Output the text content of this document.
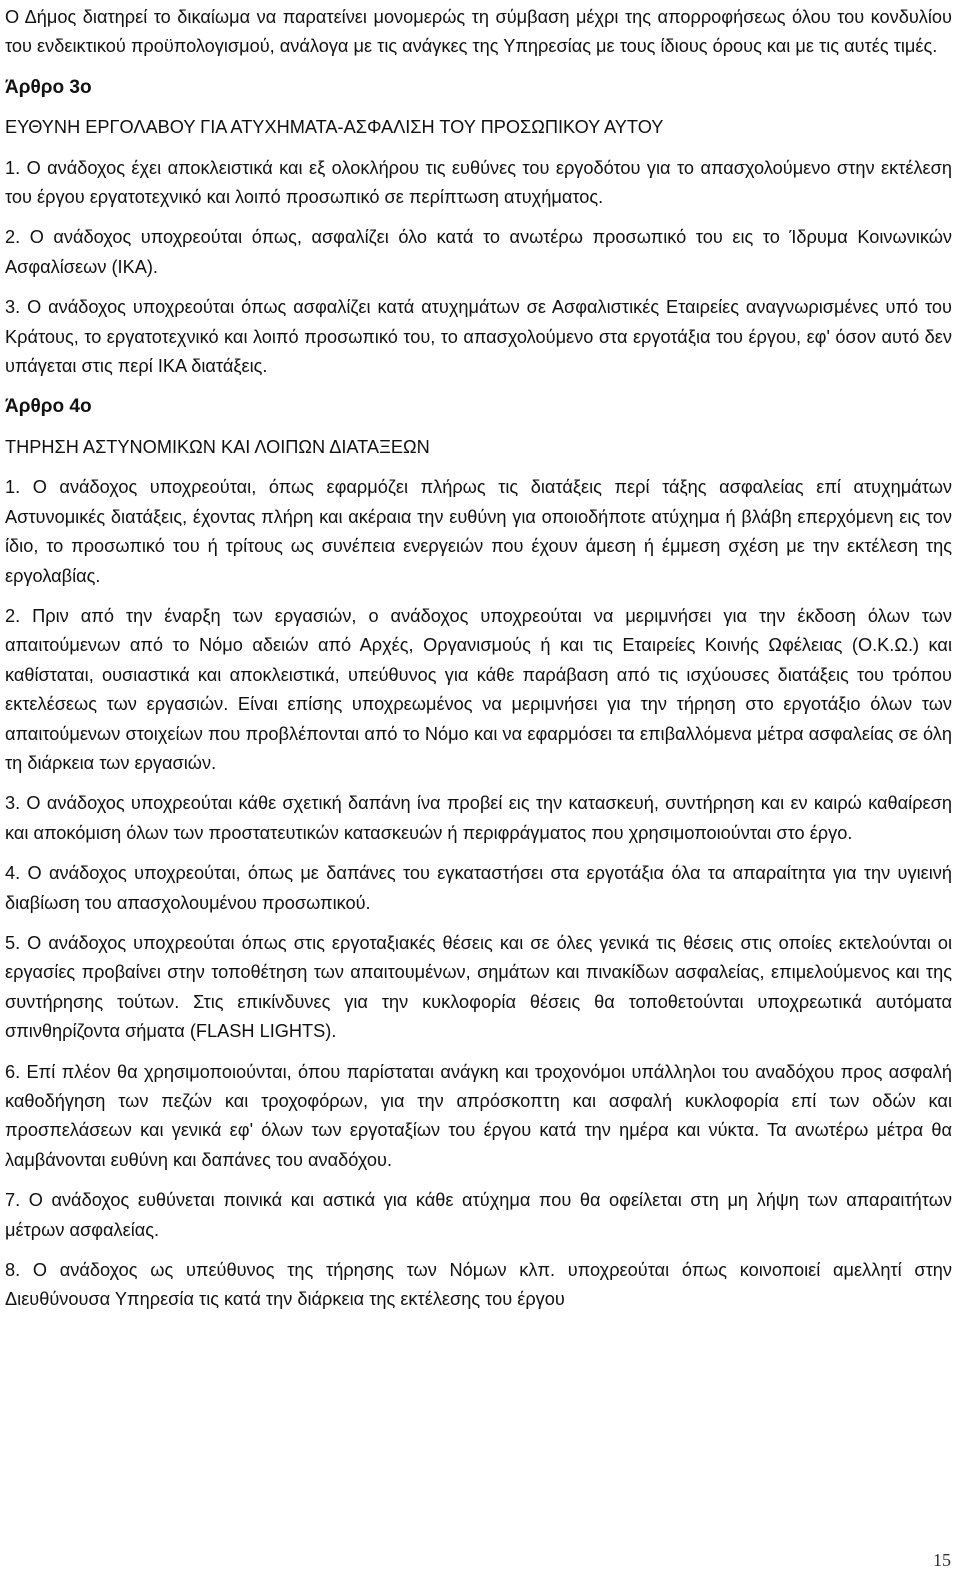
Ο Δήμος διατηρεί το δικαίωμα να παρατείνει μονομερώς τη σύμβαση μέχρι της απορροφήσεως όλου του κονδυλίου του ενδεικτικού προϋπολογισμού, ανάλογα με τις ανάγκες της Υπηρεσίας με τους ίδιους όρους και με τις αυτές τιμές.

Άρθρο 3ο

ΕΥΘΥΝΗ ΕΡΓΟΛΑΒΟΥ ΓΙΑ ΑΤΥΧΗΜΑΤΑ-ΑΣΦΑΛΙΣΗ ΤΟΥ ΠΡΟΣΩΠΙΚΟΥ ΑΥΤΟΥ

1. Ο ανάδοχος έχει αποκλειστικά και εξ ολοκλήρου τις ευθύνες του εργοδότου για το απασχολούμενο στην εκτέλεση του έργου εργατοτεχνικό και λοιπό προσωπικό σε περίπτωση ατυχήματος.

2. Ο ανάδοχος υποχρεούται όπως, ασφαλίζει όλο κατά το ανωτέρω προσωπικό του εις το Ίδρυμα Κοινωνικών Ασφαλίσεων (ΙΚΑ).

3. Ο ανάδοχος υποχρεούται όπως ασφαλίζει κατά ατυχημάτων σε Ασφαλιστικές Εταιρείες αναγνωρισμένες υπό του Κράτους, το εργατοτεχνικό και λοιπό προσωπικό του, το απασχολούμενο στα εργοτάξια του έργου, εφ' όσον αυτό δεν υπάγεται στις περί ΙΚΑ διατάξεις.

Άρθρο 4ο

ΤΗΡΗΣΗ ΑΣΤΥΝΟΜΙΚΩΝ ΚΑΙ ΛΟΙΠΩΝ ΔΙΑΤΑΞΕΩΝ

1. Ο ανάδοχος υποχρεούται, όπως εφαρμόζει πλήρως τις διατάξεις περί τάξης ασφαλείας επί ατυχημάτων Αστυνομικές διατάξεις, έχοντας πλήρη και ακέραια την ευθύνη για οποιοδήποτε ατύχημα ή βλάβη επερχόμενη εις τον ίδιο, το προσωπικό του ή τρίτους ως συνέπεια ενεργειών που έχουν άμεση ή έμμεση σχέση με την εκτέλεση της εργολαβίας.

2. Πριν από την έναρξη των εργασιών, ο ανάδοχος υποχρεούται να μεριμνήσει για την έκδοση όλων των απαιτούμενων από το Νόμο αδειών από Αρχές, Οργανισμούς ή και τις Εταιρείες Κοινής Ωφέλειας (Ο.Κ.Ω.) και καθίσταται, ουσιαστικά και αποκλειστικά, υπεύθυνος για κάθε παράβαση από τις ισχύουσες διατάξεις του τρόπου εκτελέσεως των εργασιών. Είναι επίσης υποχρεωμένος να μεριμνήσει για την τήρηση στο εργοτάξιο όλων των απαιτούμενων στοιχείων που προβλέπονται από το Νόμο και να εφαρμόσει τα επιβαλλόμενα μέτρα ασφαλείας σε όλη τη διάρκεια των εργασιών.

3. Ο ανάδοχος υποχρεούται κάθε σχετική δαπάνη ίνα προβεί εις την κατασκευή, συντήρηση και εν καιρώ καθαίρεση και αποκόμιση όλων των προστατευτικών κατασκευών ή περιφράγματος που χρησιμοποιούνται στο έργο.

4. Ο ανάδοχος υποχρεούται, όπως με δαπάνες του εγκαταστήσει στα εργοτάξια όλα τα απαραίτητα για την υγιεινή διαβίωση του απασχολουμένου προσωπικού.

5. Ο ανάδοχος υποχρεούται όπως στις εργοταξιακές θέσεις και σε όλες γενικά τις θέσεις στις οποίες εκτελούνται οι εργασίες προβαίνει στην τοποθέτηση των απαιτουμένων, σημάτων και πινακίδων ασφαλείας, επιμελούμενος και της συντήρησης τούτων. Στις επικίνδυνες για την κυκλοφορία θέσεις θα τοποθετούνται υποχρεωτικά αυτόματα σπινθηρίζοντα σήματα (FLASH LIGHTS).

6. Επί πλέον θα χρησιμοποιούνται, όπου παρίσταται ανάγκη και τροχονόμοι υπάλληλοι του αναδόχου προς ασφαλή καθοδήγηση των πεζών και τροχοφόρων, για την απρόσκοπτη και ασφαλή κυκλοφορία επί των οδών και προσπελάσεων και γενικά εφ' όλων των εργοταξίων του έργου κατά την ημέρα και νύκτα. Τα ανωτέρω μέτρα θα λαμβάνονται ευθύνη και δαπάνες του αναδόχου.

7. Ο ανάδοχος ευθύνεται ποινικά και αστικά για κάθε ατύχημα που θα οφείλεται στη μη λήψη των απαραιτήτων μέτρων ασφαλείας.

8. Ο ανάδοχος ως υπεύθυνος της τήρησης των Νόμων κλπ. υποχρεούται όπως κοινοποιεί αμελλητί στην Διευθύνουσα Υπηρεσία τις κατά την διάρκεια της εκτέλεσης του έργου

15
